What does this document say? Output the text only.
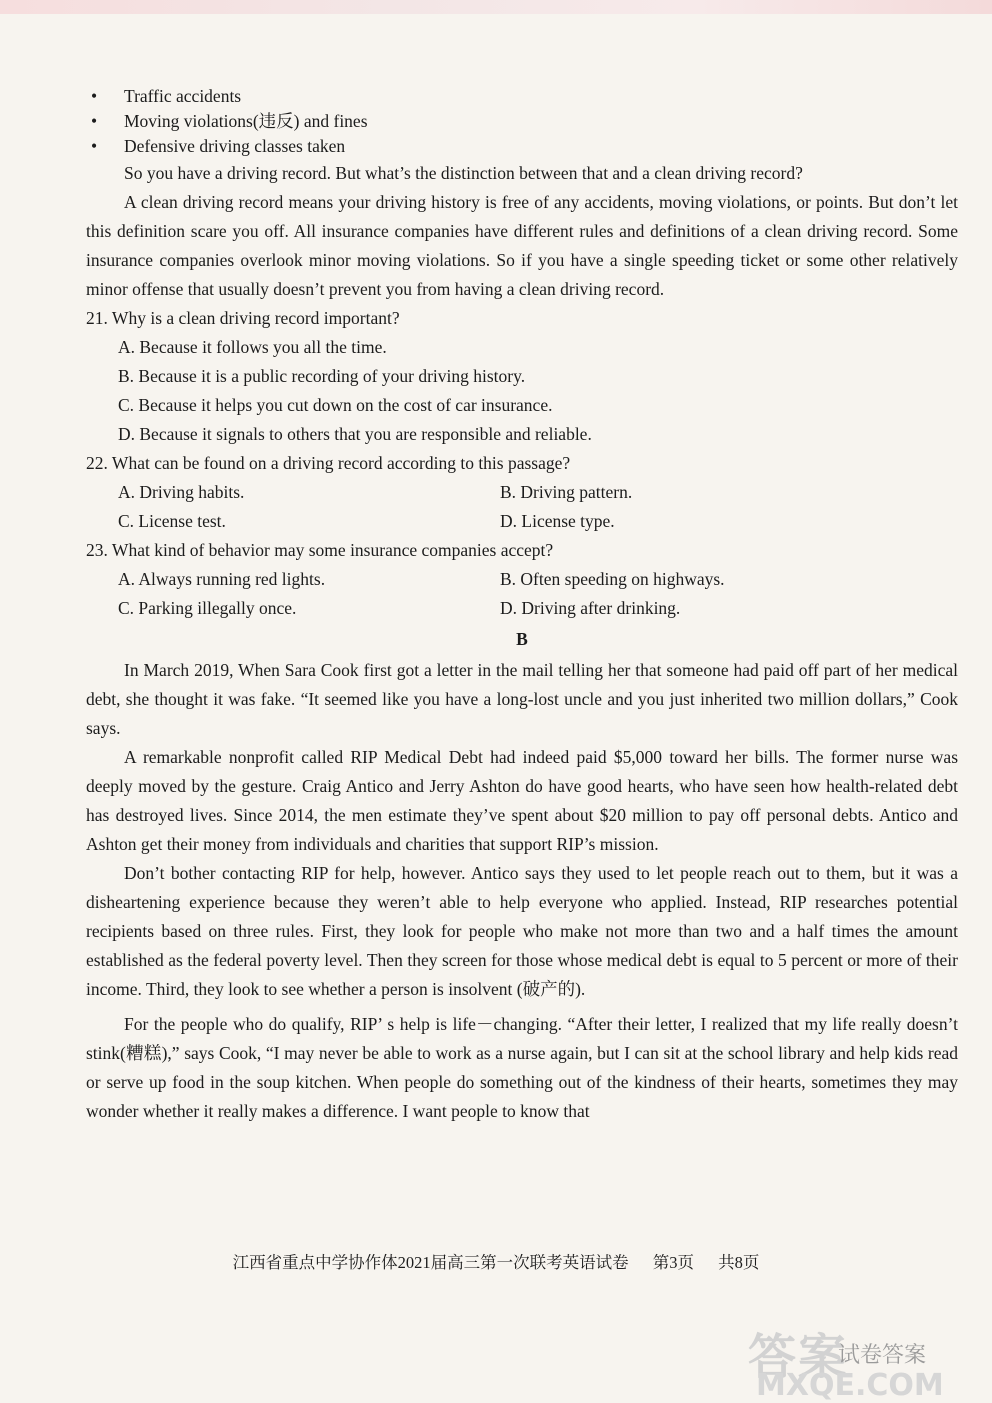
• Traffic accidents
• Moving violations(违反) and fines
• Defensive driving classes taken

So you have a driving record. But what’s the distinction between that and a clean driving record?

A clean driving record means your driving history is free of any accidents, moving violations, or points. But don’t let this definition scare you off. All insurance companies have different rules and definitions of a clean driving record. Some insurance companies overlook minor moving violations. So if you have a single speeding ticket or some other relatively minor offense that usually doesn’t prevent you from having a clean driving record.

21. Why is a clean driving record important?

A. Because it follows you all the time.

B. Because it is a public recording of your driving history.

C. Because it helps you cut down on the cost of car insurance.

D. Because it signals to others that you are responsible and reliable.

22. What can be found on a driving record according to this passage?

A. Driving habits.	B. Driving pattern.
C. License test.	D. License type.

23. What kind of behavior may some insurance companies accept?

A. Always running red lights.	B. Often speeding on highways.
C. Parking illegally once.	D. Driving after drinking.
B

In March 2019, When Sara Cook first got a letter in the mail telling her that someone had paid off part of her medical debt, she thought it was fake. “It seemed like you have a long-lost uncle and you just inherited two million dollars,” Cook says.

A remarkable nonprofit called RIP Medical Debt had indeed paid $5,000 toward her bills. The former nurse was deeply moved by the gesture. Craig Antico and Jerry Ashton do have good hearts, who have seen how health-related debt has destroyed lives. Since 2014, the men estimate they’ve spent about $20 million to pay off personal debts. Antico and Ashton get their money from individuals and charities that support RIP’s mission.

Don’t bother contacting RIP for help, however. Antico says they used to let people reach out to them, but it was a disheartening experience because they weren’t able to help everyone who applied. Instead, RIP researches potential recipients based on three rules. First, they look for people who make not more than two and a half times the amount established as the federal poverty level. Then they screen for those whose medical debt is equal to 5 percent or more of their income. Third, they look to see whether a person is insolvent (破产的).

For the people who do qualify, RIP’ s help is life－changing. “After their letter, I realized that my life really doesn’t stink(糟糕),” says Cook, “I may never be able to work as a nurse again, but I can sit at the school library and help kids read or serve up food in the soup kitchen. When people do something out of the kindness of their hearts, sometimes they may wonder whether it really makes a difference. I want people to know that

江西省重点中学协作体2021届高三第一次联考英语试卷 第3页 共8页
答案
试卷答案
MXQE.COM
